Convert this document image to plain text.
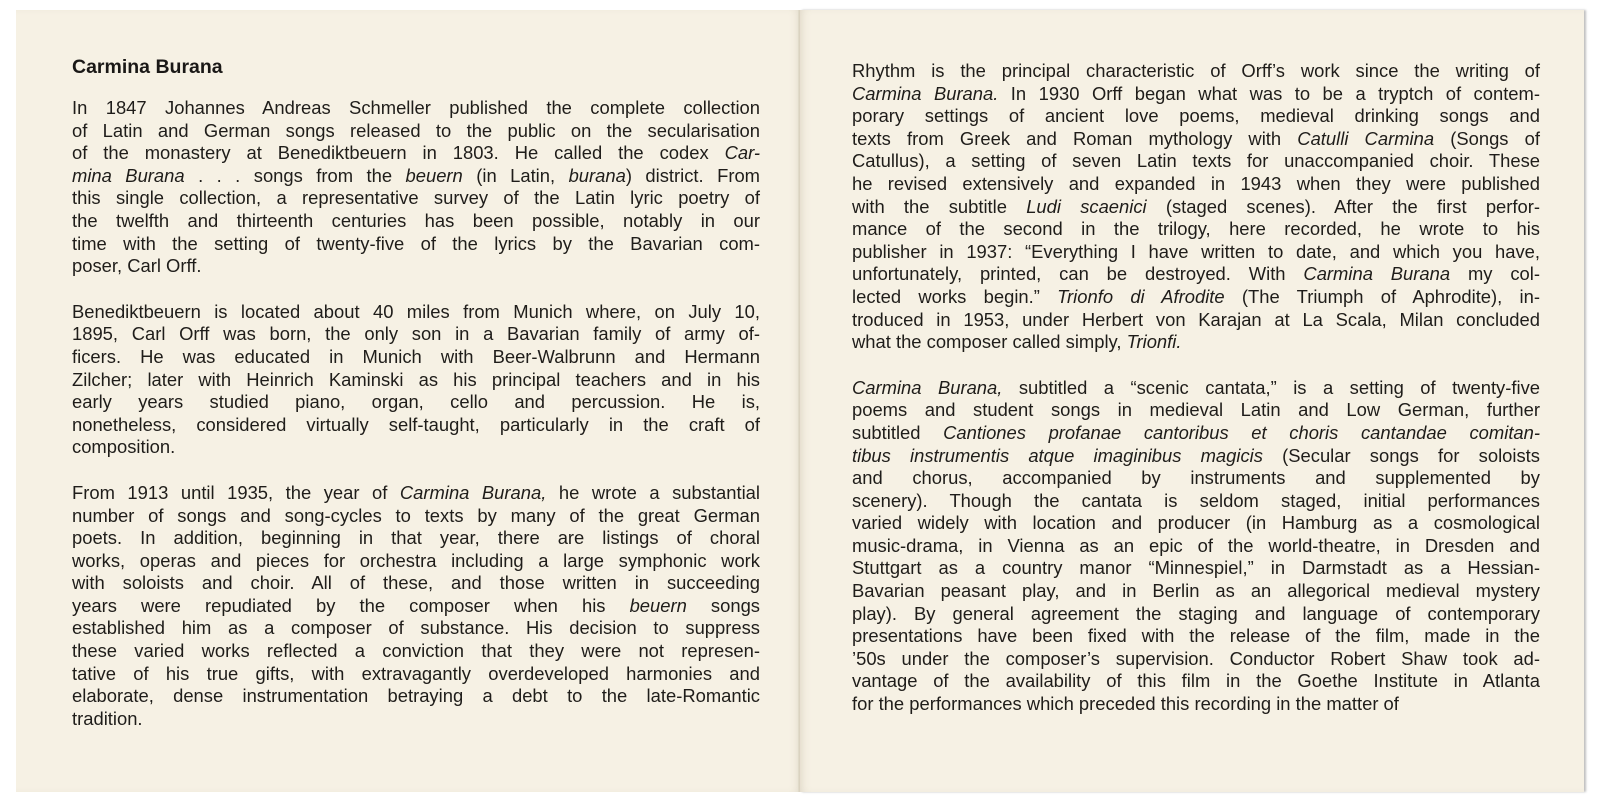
Carmina Burana

In 1847 Johannes Andreas Schmeller published the complete collection
of Latin and German songs released to the public on the secularisation
of the monastery at Benediktbeuern in 1803. He called the codex Car-
mina Burana . . . songs from the beuern (in Latin, burana) district. From
this single collection, a representative survey of the Latin lyric poetry of
the twelfth and thirteenth centuries has been possible, notably in our
time with the setting of twenty-five of the lyrics by the Bavarian com-
poser, Carl Orff.

Benediktbeuern is located about 40 miles from Munich where, on July 10,
1895, Carl Orff was born, the only son in a Bavarian family of army of-
ficers. He was educated in Munich with Beer-Walbrunn and Hermann
Zilcher; later with Heinrich Kaminski as his principal teachers and in his
early years studied piano, organ, cello and percussion. He is,
nonetheless, considered virtually self-taught, particularly in the craft of
composition.

From 1913 until 1935, the year of Carmina Burana, he wrote a substantial
number of songs and song-cycles to texts by many of the great German
poets. In addition, beginning in that year, there are listings of choral
works, operas and pieces for orchestra including a large symphonic work
with soloists and choir. All of these, and those written in succeeding
years were repudiated by the composer when his beuern songs
established him as a composer of substance. His decision to suppress
these varied works reflected a conviction that they were not represen-
tative of his true gifts, with extravagantly overdeveloped harmonies and
elaborate, dense instrumentation betraying a debt to the late-Romantic
tradition.

Rhythm is the principal characteristic of Orff’s work since the writing of
Carmina Burana. In 1930 Orff began what was to be a tryptch of contem-
porary settings of ancient love poems, medieval drinking songs and
texts from Greek and Roman mythology with Catulli Carmina (Songs of
Catullus), a setting of seven Latin texts for unaccompanied choir. These
he revised extensively and expanded in 1943 when they were published
with the subtitle Ludi scaenici (staged scenes). After the first perfor-
mance of the second in the trilogy, here recorded, he wrote to his
publisher in 1937: “Everything I have written to date, and which you have,
unfortunately, printed, can be destroyed. With Carmina Burana my col-
lected works begin.” Trionfo di Afrodite (The Triumph of Aphrodite), in-
troduced in 1953, under Herbert von Karajan at La Scala, Milan concluded
what the composer called simply, Trionfi.

Carmina Burana, subtitled a “scenic cantata,” is a setting of twenty-five
poems and student songs in medieval Latin and Low German, further
subtitled Cantiones profanae cantoribus et choris cantandae comitan-
tibus instrumentis atque imaginibus magicis (Secular songs for soloists
and chorus, accompanied by instruments and supplemented by
scenery). Though the cantata is seldom staged, initial performances
varied widely with location and producer (in Hamburg as a cosmological
music-drama, in Vienna as an epic of the world-theatre, in Dresden and
Stuttgart as a country manor “Minnespiel,” in Darmstadt as a Hessian-
Bavarian peasant play, and in Berlin as an allegorical medieval mystery
play). By general agreement the staging and language of contemporary
presentations have been fixed with the release of the film, made in the
’50s under the composer’s supervision. Conductor Robert Shaw took ad-
vantage of the availability of this film in the Goethe Institute in Atlanta
for the performances which preceded this recording in the matter of
